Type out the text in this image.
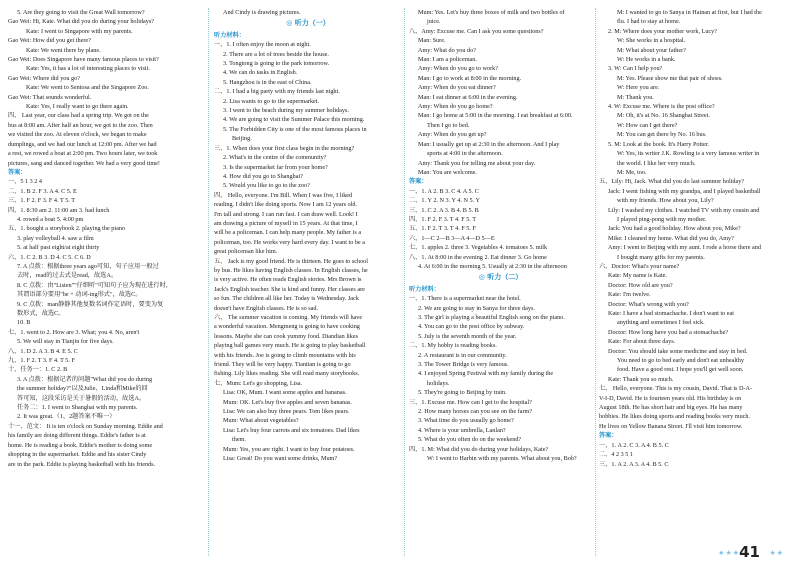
5. Are they going to visit the Great Wall tomorrow?
Gao Wei: Hi, Kate. What did you do during your holidays?
Kate: I went to Singapore with my parents.
Gao Wei: How did you get there?
Kate: We went there by plane.
Gao Wei: Does Singapore have many famous places to visit?
Kate: Yes, it has a lot of interesting places to visit.
Gao Wei: Where did you go?
Kate: We went to Sentosa and the Singapore Zoo.
Gao Wei: That sounds wonderful.
Kate: Yes, I really want to go there again.
四、 Last year, our class had a spring trip. We got on the
bus at 8:00 am. After half an hour, we got to the zoo. Then
we visited the zoo. At eleven o'clock, we began to make
dumplings, and we had our lunch at 12:00 pm. After we had
a rest, we rowed a boat at 2:00 pm. Two hours later, we took
pictures, sang and danced together. We had a very good time!
答案：
一、5 1 3 2 4
二、1. B 2. F 3. A 4. C 5. E
三、1. F 2. F 3. F 4. T 5. T
四、1. 8:30 am 2. 11:00 am 3. had lunch
4. rowed a boat 5. 4:00 pm
五、1. bought a storybook 2. playing the piano
3. play volleyball 4. saw a film
5. at half past eight/at eight thirty
六、1. C 2. B 3. D 4. C 5. C 6. D
7. A 点拨：根据three years ago可知，句子应用一般过
去时，read的过去式是read，故选A。
8. C 点拨：由"Listen""仔细听"可知句子应为现在进行时，
其谓语部分要用"be + 动词-ing形式"，故选C。
9. C 点拨：man静静其他复数名词作定语时，要变为复
数形式，故选C。
10. B
七、1. went to 2. How are 3. What; you 4. No, aren't
5. We will stay in Tianjin for five days.
八、1. D 2. A 3. B 4. E 5. C
九、1. F 2. T 3. F 4. T 5. F
十、任务一：1. C 2. B
3. A 点拨：根据记者的问题"What did you do during
the summer holiday?"以及Julie、Linda和Mike的回
答可知，这段采访是关于暑假的活动，故选A。
任务二：1. I went to Shanghai with my parents.
2. It was great.（1、2题答案不唯一）
十一、范文： It is ten o'clock on Sunday morning. Eddie and
his family are doing different things. Eddie's father is at
home. He is reading a book. Eddie's mother is doing some
shopping in the supermarket. Eddie and his sister Cindy
are in the park. Eddie is playing basketball with his friends.
And Cindy is drawing pictures.
◎ 听力（一）
听力材料：
一、1. I often enjoy the moon at night.
2. There are a lot of trees beside the house.
3. Tongtong is going to the park tomorrow.
4. We can do tasks in English.
5. Hangzhou is in the east of China.
二、1. I had a big party with my friends last night.
2. Lisa wants to go to the supermarket.
3. I went to the beach during my summer holidays.
4. We are going to visit the Summer Palace this morning.
5. The Forbidden City is one of the most famous places in
Beijing.
三、1. When does your first class begin in the morning?
2. What's in the centre of the community?
3. Is the supermarket far from your home?
4. How did you go to Shanghai?
5. Would you like to go to the zoo?
四、 Hello, everyone. I'm Bill. When I was five, I liked
reading. I didn't like doing sports. Now I am 12 years old.
I'm tall and strong. I can run fast. I can draw well. Look! I
am drawing a picture of myself in 15 years. At that time, I
will be a policeman. I can help many people. My father is a
policeman, too. He works very hard every day. I want to be a
great policeman like him.
五、 Jack is my good friend. He is thirteen. He goes to school
by bus. He likes having English classes. In English classes, he
is very active. He often reads English stories. Mrs Brown is
Jack's English teacher. She is kind and funny. Her classes are
so fun. The children all like her. Today is Wednesday. Jack
doesn't have English classes. He is so sad.
六、 The summer vacation is coming. My friends will have
a wonderful vacation. Mengmeng is going to have cooking
lessons. Maybe she can cook yummy food. Diandian likes
playing ball games very much. He is going to play basketball
with his friends. Joe is going to climb mountains with his
friend. They will be very happy. Tiantian is going to go
fishing. Lily likes reading. She will read many storybooks.
七、Mum: Let's go shopping, Lisa.
Lisa: OK, Mum. I want some apples and bananas.
Mum: OK. Let's buy five apples and seven bananas.
Lisa: We can also buy three pears. Tom likes pears.
Mum: What about vegetables?
Lisa: Let's buy four carrots and six tomatoes. Dad likes
them.
Mum: Yes, you are right. I want to buy four potatoes.
Lisa: Great! Do you want some drinks, Mum?
Mum: Yes. Let's buy three boxes of milk and two bottles of
juice.
八、Amy: Excuse me. Can I ask you some questions?
Man: Sure.
Amy: What do you do?
Man: I am a policeman.
Amy: When do you go to work?
Man: I go to work at 8:00 in the morning.
Amy: When do you eat dinner?
Man: I eat dinner at 6:00 in the evening.
Amy: When do you go home?
Man: I go home at 5:00 in the morning. I eat breakfast at 6:00.
Then I go to bed.
Amy: When do you get up?
Man: I usually get up at 2:30 in the afternoon. And I play
sports at 4:00 in the afternoon.
Amy: Thank you for telling me about your day.
Man: You are welcome.
答案：
一、1. A 2. B 3. C 4. A 5. C
二、1. Y 2. N 3. Y 4. N 5. Y
三、1. C 2. A 3. B 4. B 5. B
四、1. F 2. F 3. T 4. F 5. T
五、1. F 2. T 3. T 4. F 5. F
六、1—C 2—B 3—A 4—D 5—E
七、1. apples 2. three 3. Vegetables 4. tomatoes 5. milk
八、1. At 8:00 in the evening 2. Eat dinner 3. Go home
4. At 6:00 in the morning 5. Usually at 2:30 in the afternoon
◎ 听力（二）
听力材料：
一、1. There is a supermarket near the hotel.
2. We are going to stay in Sanya for three days.
3. The girl is playing a beautiful English song on the piano.
4. You can go to the post office by subway.
5. July is the seventh month of the year.
二、1. My hobby is reading books.
2. A restaurant is in our community.
3. The Tower Bridge is very famous.
4. I enjoyed Spring Festival with my family during the
holidays.
5. They're going to Beijing by train.
三、1. Excuse me. How can I get to the hospital?
2. How many horses can you see on the farm?
3. What time do you usually go home?
4. Where is your umbrella, Lanlan?
5. What do you often do on the weekend?
四、1. M: What did you do during your holidays, Kate?
W: I went to Harbin with my parents. What about you, Bob?
M: I wanted to go to Sanya in Hainan at first, but I had the
flu. I had to stay at home.
2. M: Where does your mother work, Lucy?
W: She works in a hospital.
M: What about your father?
W: He works in a bank.
3. W: Can I help you?
M: Yes. Please show me that pair of shoes.
W: Here you are.
M: Thank you.
4. W: Excuse me. Where is the post office?
M: Oh, it's at No. 16 Shanghai Street.
W: How can I get there?
M: You can get there by No. 16 bus.
5. M: Look at the book. It's Harry Potter.
W: Yes, its writer J.K. Rowling is a very famous writer in
the world. I like her very much.
M: Me, too.
五、Lily: Hi, Jack. What did you do last summer holiday?
Jack: I went fishing with my grandpa, and I played basketball
with my friends. How about you, Lily?
Lily: I washed my clothes. I watched TV with my cousin and
I played ping-pong with my mother.
Jack: You had a good holiday. How about you, Mike?
Mike: I cleaned my home. What did you do, Amy?
Amy: I went to Beijing with my aunt. I rode a horse there and
I bought many gifts for my parents.
六、Doctor: What's your name?
Kate: My name is Kate.
Doctor: How old are you?
Kate: I'm twelve.
Doctor: What's wrong with you?
Kate: I have a bad stomachache. I don't want to eat
anything and sometimes I feel sick.
Doctor: How long have you had a stomachache?
Kate: For about three days.
Doctor: You should take some medicine and stay in bed.
You need to go to bed early and don't eat unhealthy
food. Have a good rest. I hope you'll get well soon.
Kate: Thank you so much.
七、 Hello, everyone. This is my cousin, David. That is D-A-
V-I-D, David. He is fourteen years old. His birthday is on
August 18th. He has short hair and big eyes. He has many
hobbies. He likes doing sports and reading books very much.
He lives on Yellow Banana Street. I'll visit him tomorrow.
答案：
一、1. A 2. C 3. A 4. B 5. C
二、4 2 3 5 1
三、1. A 2. A 3. A 4. B 5. C
★★★ 41 ★★
